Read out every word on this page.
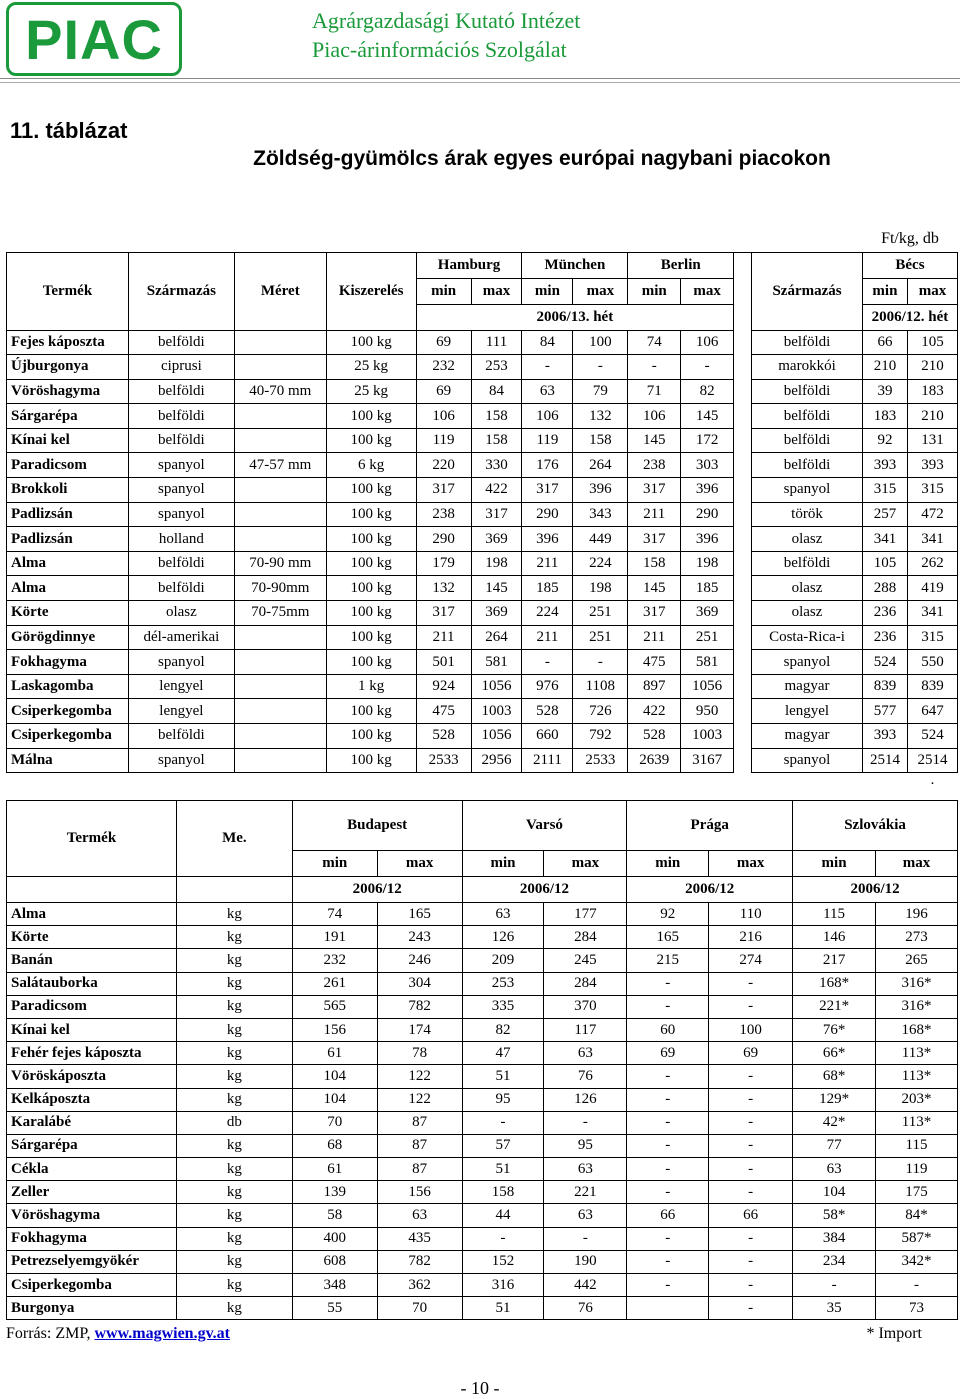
PIAC	Agrárgazdasági Kutató Intézet
Piac-árinformációs Szolgálat
11. táblázat
Zöldség-gyümölcs árak egyes európai nagybani piacokon
												Ft/kg, db	
Termék	Származás	Méret	Kiszerelés	Hamburg		München		Berlin			Származás	Bécs	
				min	max	min	max	min	max			min	max
				2006/13. hét								2006/12. hét	
Fejes káposzta	belföldi		100 kg	69	111	84	100	74	106		belföldi	66	105
Újburgonya	ciprusi		25 kg	232	253	-	-	-	-		marokkói	210	210
Vöröshagyma	belföldi	40-70 mm	25 kg	69	84	63	79	71	82		belföldi	39	183
Sárgarépa	belföldi		100 kg	106	158	106	132	106	145		belföldi	183	210
Kínai kel	belföldi		100 kg	119	158	119	158	145	172		belföldi	92	131
Paradicsom	spanyol	47-57 mm	6 kg	220	330	176	264	238	303		belföldi	393	393
Brokkoli	spanyol		100 kg	317	422	317	396	317	396		spanyol	315	315
Padlizsán	spanyol		100 kg	238	317	290	343	211	290		török	257	472
Padlizsán	holland		100 kg	290	369	396	449	317	396		olasz	341	341
Alma	belföldi	70-90 mm	100 kg	179	198	211	224	158	198		belföldi	105	262
Alma	belföldi	70-90mm	100 kg	132	145	185	198	145	185		olasz	288	419
Körte	olasz	70-75mm	100 kg	317	369	224	251	317	369		olasz	236	341
Görögdinnye	dél-amerikai		100 kg	211	264	211	251	211	251		Costa-Rica-i	236	315
Fokhagyma	spanyol		100 kg	501	581	-	-	475	581		spanyol	524	550
Laskagomba	lengyel		1 kg	924	1056	976	1108	897	1056		magyar	839	839
Csiperkegomba	lengyel		100 kg	475	1003	528	726	422	950		lengyel	577	647
Csiperkegomba	belföldi		100 kg	528	1056	660	792	528	1003		magyar	393	524
Málna	spanyol		100 kg	2533	2956	2111	2533	2639	3167		spanyol	2514	2514
													.
Termék	Me.	Budapest		Varsó		Prága		Szlovákia	
		min	max	min	max	min	max	min	max
		2006/12		2006/12		2006/12		2006/12	
Alma	kg	74	165	63	177	92	110	115	196
Körte	kg	191	243	126	284	165	216	146	273
Banán	kg	232	246	209	245	215	274	217	265
Salátauborka	kg	261	304	253	284	-	-	168*	316*
Paradicsom	kg	565	782	335	370	-	-	221*	316*
Kínai kel	kg	156	174	82	117	60	100	76*	168*
Fehér fejes káposzta	kg	61	78	47	63	69	69	66*	113*
Vöröskáposzta	kg	104	122	51	76	-	-	68*	113*
Kelkáposzta	kg	104	122	95	126	-	-	129*	203*
Karalábé	db	70	87	-	-	-	-	42*	113*
Sárgarépa	kg	68	87	57	95	-	-	77	115
Cékla	kg	61	87	51	63	-	-	63	119
Zeller	kg	139	156	158	221	-	-	104	175
Vöröshagyma	kg	58	63	44	63	66	66	58*	84*
Fokhagyma	kg	400	435	-	-	-	-	384	587*
Petrezselyemgyökér	kg	608	782	152	190	-	-	234	342*
Csiperkegomba	kg	348	362	316	442	-	-	-	-
Burgonya	kg	55	70	51	76		-	35	73
Forrás: ZMP, www.magwien.gv.at	* Import
- 10 -
